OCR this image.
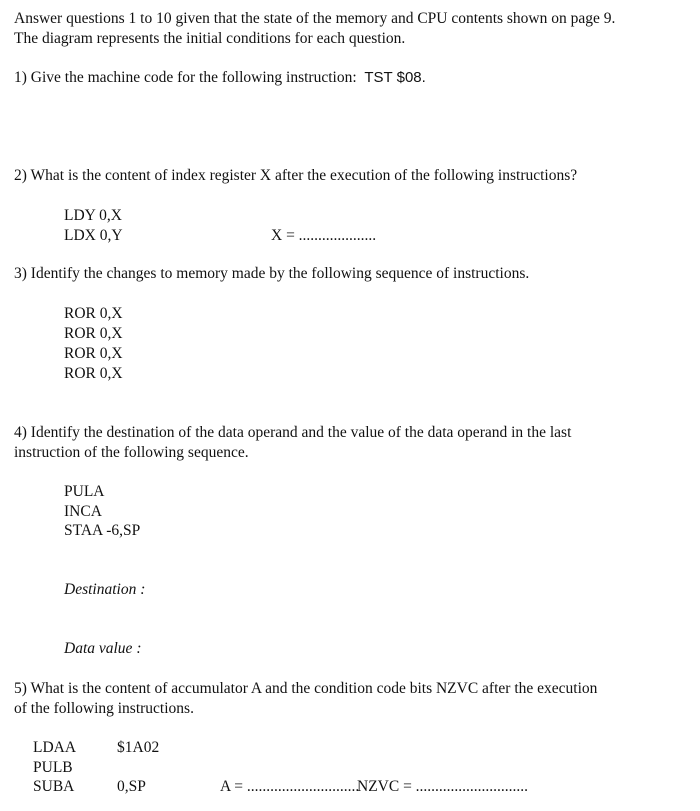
Answer questions 1 to 10 given that the state of the memory and CPU contents shown on page 9.
The diagram represents the initial conditions for each question.
1) Give the machine code for the following instruction: TST $08.
2) What is the content of index register X after the execution of the following instructions?
LDY 0,X
LDX 0,Y	X = ....................
3) Identify the changes to memory made by the following sequence of instructions.
ROR 0,X
ROR 0,X
ROR 0,X
ROR 0,X
4) Identify the destination of the data operand and the value of the data operand in the last
instruction of the following sequence.
PULA
INCA
STAA -6,SP
Destination :
Data value :
5) What is the content of accumulator A and the condition code bits NZVC after the execution
of the following instructions.
LDAA	$1A02
PULB
SUBA	0,SP	A = .............................
NZVC = .............................
